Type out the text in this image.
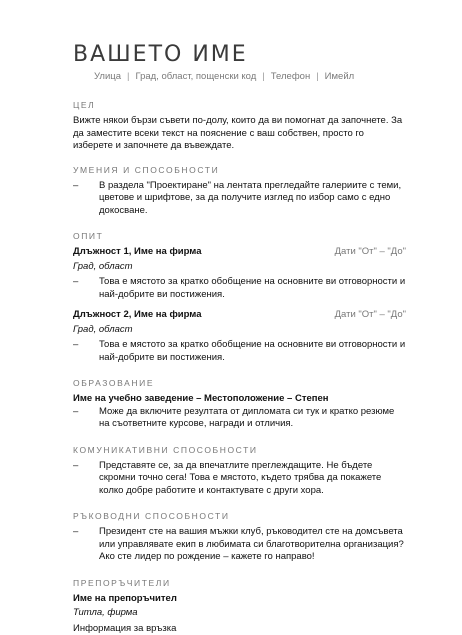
ВАШЕТО ИМЕ
Улица | Град, област, пощенски код | Телефон | Имейл
ЦЕЛ

Вижте някои бързи съвети по-долу, които да ви помогнат да започнете. За да заместите всеки текст на пояснение с ваш собствен, просто го изберете и започнете да въвеждате.

УМЕНИЯ И СПОСОБНОСТИ
– В раздела "Проектиране" на лентата прегледайте галериите с теми, цветове и шрифтове, за да получите изглед по избор само с едно докосване.
ОПИТ
Длъжност 1, Име на фирма	Дати "От" – "До"
Град, област
– Това е мястото за кратко обобщение на основните ви отговорности и най-добрите ви постижения.
Длъжност 2, Име на фирма	Дати "От" – "До"
Град, област
– Това е мястото за кратко обобщение на основните ви отговорности и най-добрите ви постижения.
ОБРАЗОВАНИЕ

Име на учебно заведение – Местоположение – Степен

– Може да включите резултата от дипломата си тук и кратко резюме на съответните курсове, награди и отличия.
КОМУНИКАТИВНИ СПОСОБНОСТИ
– Представяте се, за да впечатлите преглеждащите. Не бъдете скромни точно сега! Това е мястото, където трябва да покажете колко добре работите и контактувате с други хора.
РЪКОВОДНИ СПОСОБНОСТИ
– Президент сте на вашия мъжки клуб, ръководител сте на домсъвета или управлявате екип в любимата си благотворителна организация? Ако сте лидер по рождение – кажете го направо!
ПРЕПОРЪЧИТЕЛИ

Име на препоръчител

Титла, фирма

Информация за връзка
